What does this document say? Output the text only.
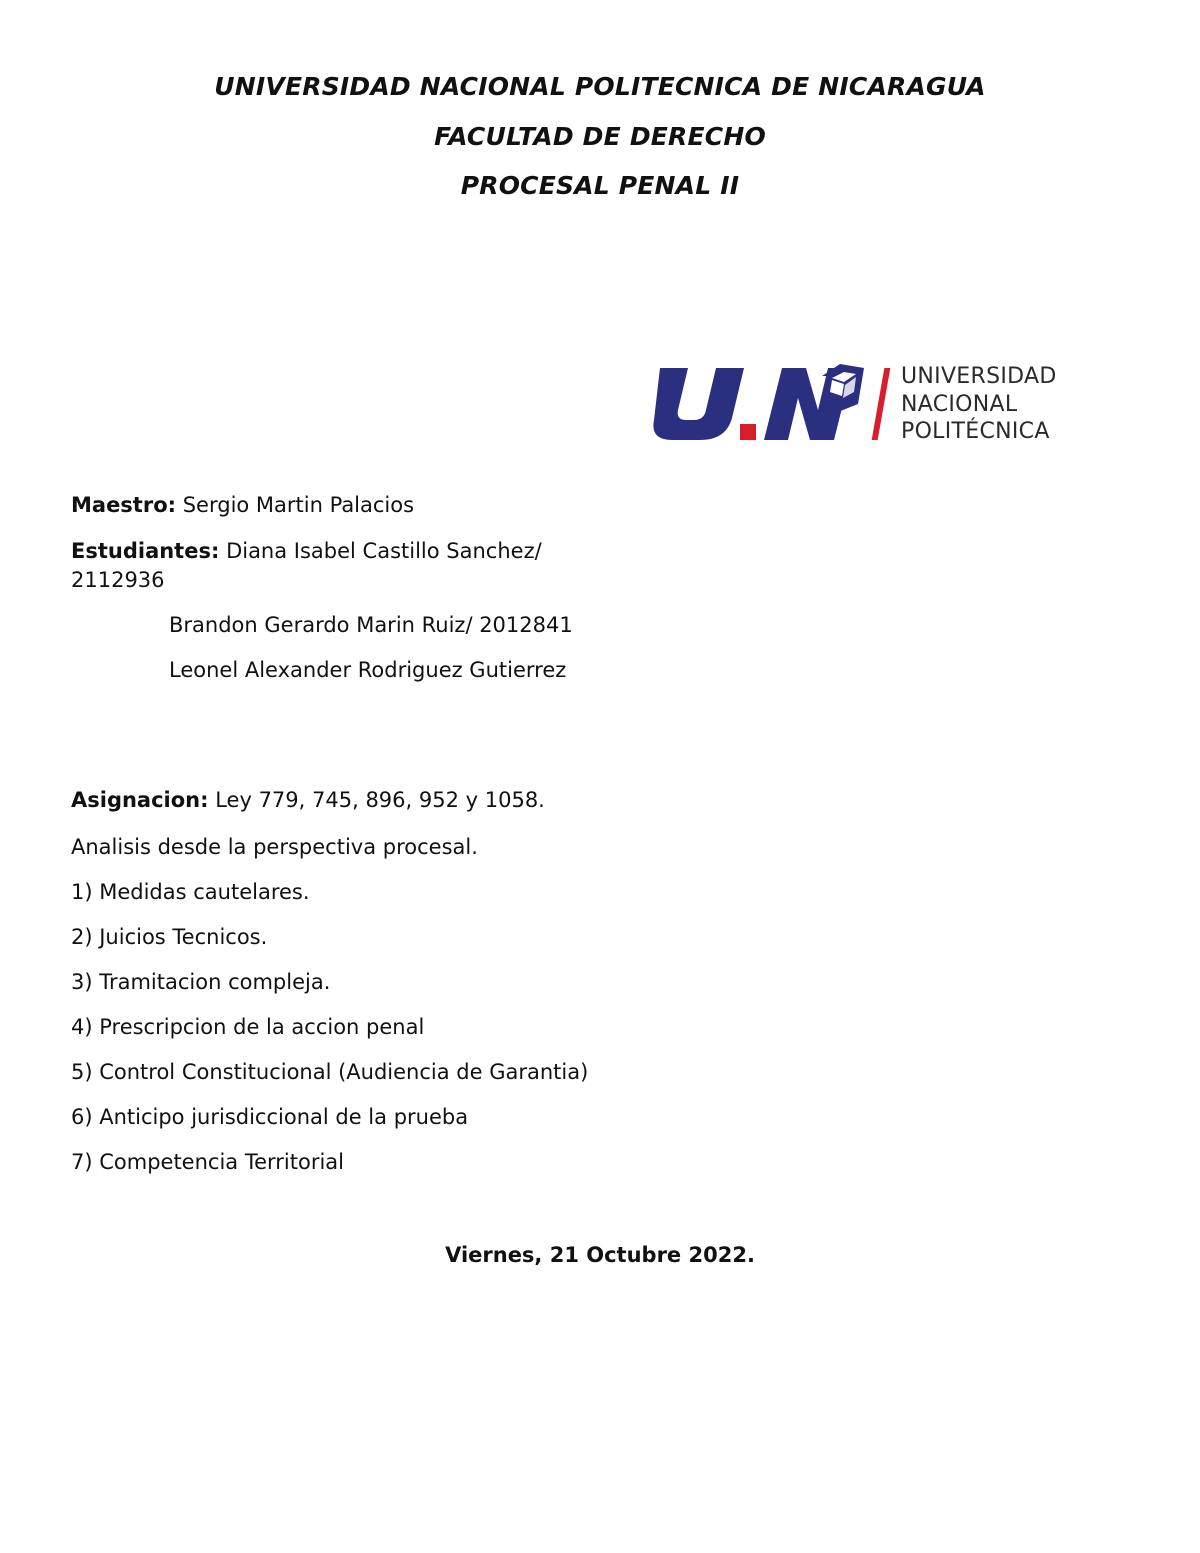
UNIVERSIDAD NACIONAL POLITECNICA DE NICARAGUA
FACULTAD DE DERECHO
PROCESAL PENAL II
UNIVERSIDAD
NACIONAL
POLITÉCNICA
Maestro: Sergio Martin Palacios
Estudiantes: Diana Isabel Castillo Sanchez/
2112936
Brandon Gerardo Marin Ruiz/ 2012841
Leonel Alexander Rodriguez Gutierrez
Asignacion: Ley 779, 745, 896, 952 y 1058.
Analisis desde la perspectiva procesal.
1) Medidas cautelares.
2) Juicios Tecnicos.
3) Tramitacion compleja.
4) Prescripcion de la accion penal
5) Control Constitucional (Audiencia de Garantia)
6) Anticipo jurisdiccional de la prueba
7) Competencia Territorial
Viernes, 21 Octubre 2022.
